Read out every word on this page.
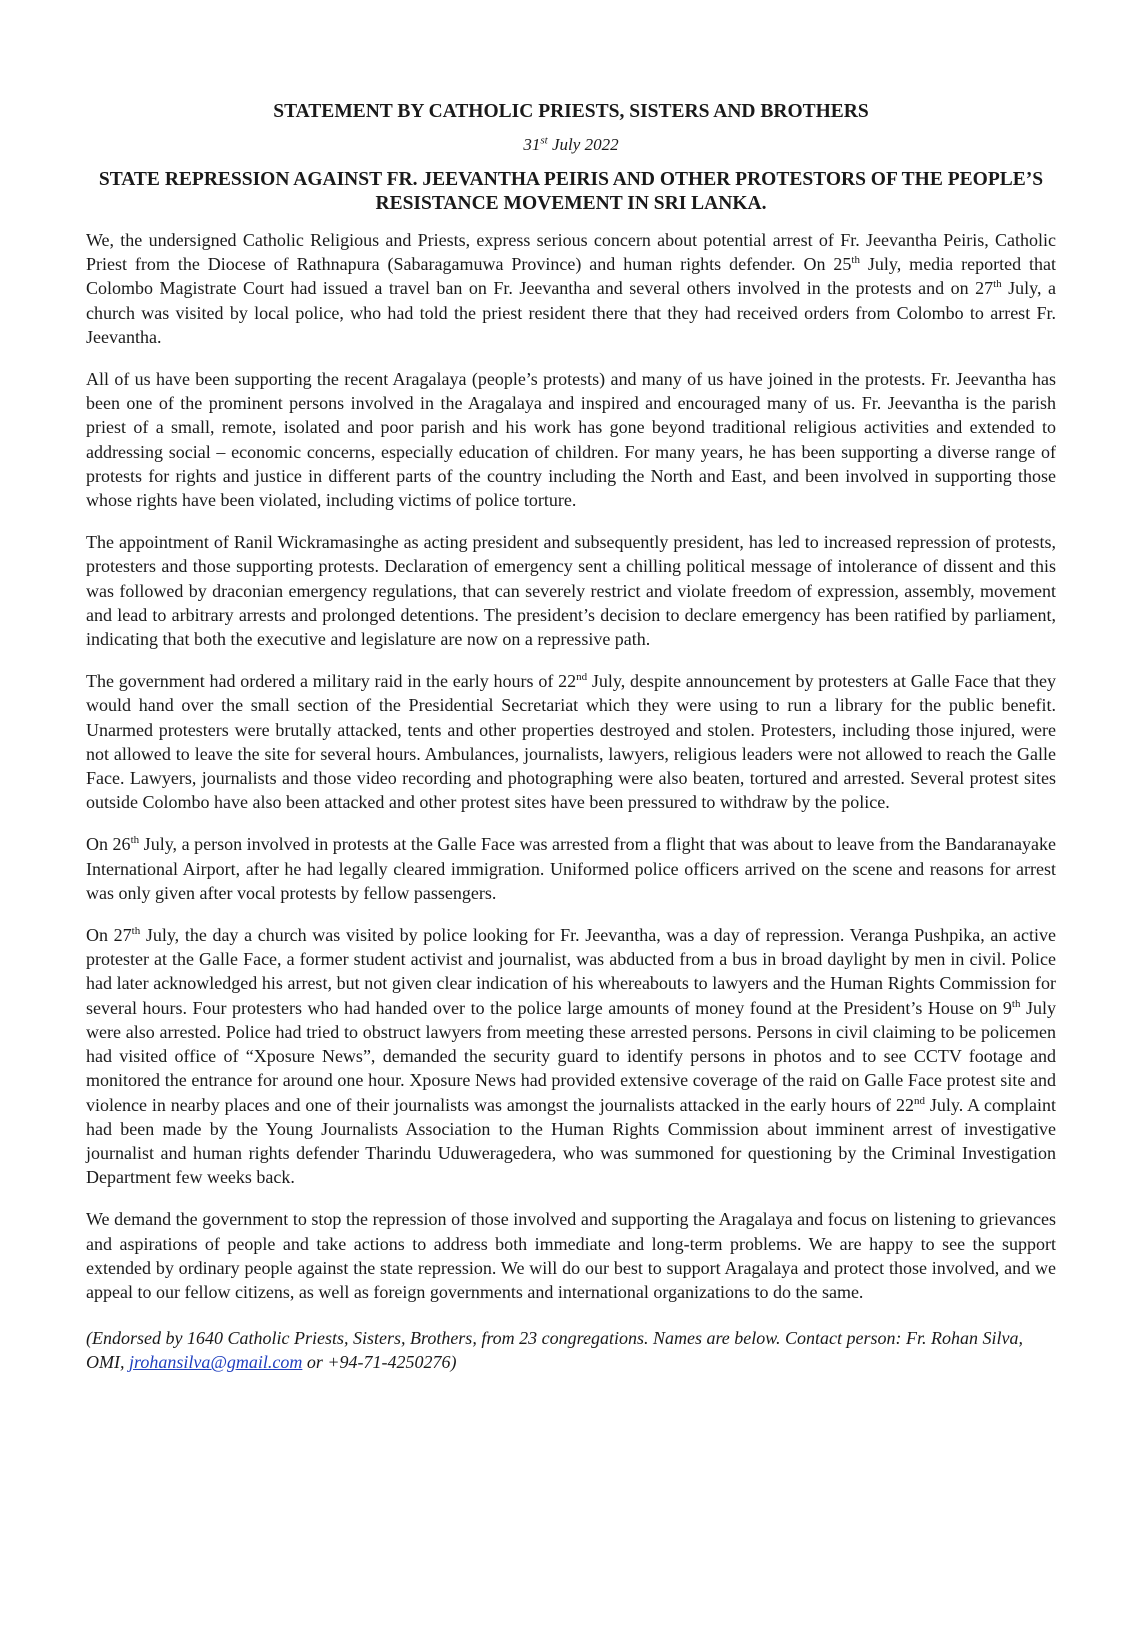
STATEMENT BY CATHOLIC PRIESTS, SISTERS AND BROTHERS

31st July 2022

STATE REPRESSION AGAINST FR. JEEVANTHA PEIRIS AND OTHER PROTESTORS OF THE PEOPLE’S RESISTANCE MOVEMENT IN SRI LANKA.

We, the undersigned Catholic Religious and Priests, express serious concern about potential arrest of Fr. Jeevantha Peiris, Catholic Priest from the Diocese of Rathnapura (Sabaragamuwa Province) and human rights defender. On 25th July, media reported that Colombo Magistrate Court had issued a travel ban on Fr. Jeevantha and several others involved in the protests and on 27th July, a church was visited by local police, who had told the priest resident there that they had received orders from Colombo to arrest Fr. Jeevantha.

All of us have been supporting the recent Aragalaya (people’s protests) and many of us have joined in the protests. Fr. Jeevantha has been one of the prominent persons involved in the Aragalaya and inspired and encouraged many of us. Fr. Jeevantha is the parish priest of a small, remote, isolated and poor parish and his work has gone beyond traditional religious activities and extended to addressing social – economic concerns, especially education of children. For many years, he has been supporting a diverse range of protests for rights and justice in different parts of the country including the North and East, and been involved in supporting those whose rights have been violated, including victims of police torture.

The appointment of Ranil Wickramasinghe as acting president and subsequently president, has led to increased repression of protests, protesters and those supporting protests. Declaration of emergency sent a chilling political message of intolerance of dissent and this was followed by draconian emergency regulations, that can severely restrict and violate freedom of expression, assembly, movement and lead to arbitrary arrests and prolonged detentions. The president’s decision to declare emergency has been ratified by parliament, indicating that both the executive and legislature are now on a repressive path.

The government had ordered a military raid in the early hours of 22nd July, despite announcement by protesters at Galle Face that they would hand over the small section of the Presidential Secretariat which they were using to run a library for the public benefit. Unarmed protesters were brutally attacked, tents and other properties destroyed and stolen. Protesters, including those injured, were not allowed to leave the site for several hours. Ambulances, journalists, lawyers, religious leaders were not allowed to reach the Galle Face. Lawyers, journalists and those video recording and photographing were also beaten, tortured and arrested. Several protest sites outside Colombo have also been attacked and other protest sites have been pressured to withdraw by the police.

On 26th July, a person involved in protests at the Galle Face was arrested from a flight that was about to leave from the Bandaranayake International Airport, after he had legally cleared immigration. Uniformed police officers arrived on the scene and reasons for arrest was only given after vocal protests by fellow passengers.

On 27th July, the day a church was visited by police looking for Fr. Jeevantha, was a day of repression. Veranga Pushpika, an active protester at the Galle Face, a former student activist and journalist, was abducted from a bus in broad daylight by men in civil. Police had later acknowledged his arrest, but not given clear indication of his whereabouts to lawyers and the Human Rights Commission for several hours. Four protesters who had handed over to the police large amounts of money found at the President’s House on 9th July were also arrested. Police had tried to obstruct lawyers from meeting these arrested persons. Persons in civil claiming to be policemen had visited office of “Xposure News”, demanded the security guard to identify persons in photos and to see CCTV footage and monitored the entrance for around one hour. Xposure News had provided extensive coverage of the raid on Galle Face protest site and violence in nearby places and one of their journalists was amongst the journalists attacked in the early hours of 22nd July. A complaint had been made by the Young Journalists Association to the Human Rights Commission about imminent arrest of investigative journalist and human rights defender Tharindu Uduweragedera, who was summoned for questioning by the Criminal Investigation Department few weeks back.

We demand the government to stop the repression of those involved and supporting the Aragalaya and focus on listening to grievances and aspirations of people and take actions to address both immediate and long-term problems. We are happy to see the support extended by ordinary people against the state repression. We will do our best to support Aragalaya and protect those involved, and we appeal to our fellow citizens, as well as foreign governments and international organizations to do the same.

(Endorsed by 1640 Catholic Priests, Sisters, Brothers, from 23 congregations. Names are below. Contact person: Fr. Rohan Silva, OMI, jrohansilva@gmail.com or +94-71-4250276)
